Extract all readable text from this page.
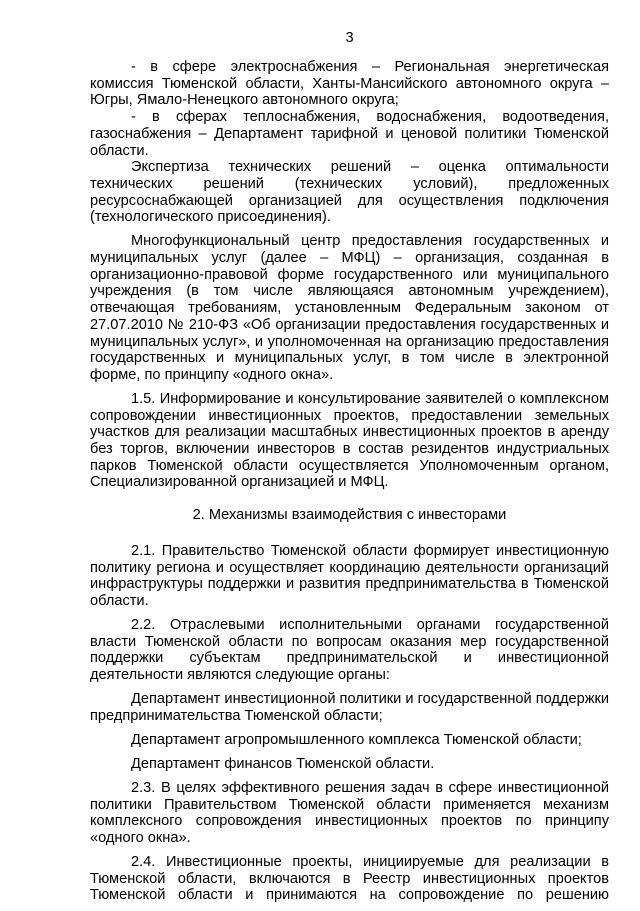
3

- в сфере электроснабжения – Региональная энергетическая комиссия Тюменской области, Ханты-Мансийского автономного округа – Югры, Ямало-Ненецкого автономного округа;

- в сферах теплоснабжения, водоснабжения, водоотведения, газоснабжения – Департамент тарифной и ценовой политики Тюменской области.

Экспертиза технических решений – оценка оптимальности технических решений (технических условий), предложенных ресурсоснабжающей организацией для осуществления подключения (технологического присоединения).

Многофункциональный центр предоставления государственных и муниципальных услуг (далее – МФЦ) – организация, созданная в организационно-правовой форме государственного или муниципального учреждения (в том числе являющаяся автономным учреждением), отвечающая требованиям, установленным Федеральным законом от 27.07.2010 № 210-ФЗ «Об организации предоставления государственных и муниципальных услуг», и уполномоченная на организацию предоставления государственных и муниципальных услуг, в том числе в электронной форме, по принципу «одного окна».

1.5. Информирование и консультирование заявителей о комплексном сопровождении инвестиционных проектов, предоставлении земельных участков для реализации масштабных инвестиционных проектов в аренду без торгов, включении инвесторов в состав резидентов индустриальных парков Тюменской области осуществляется Уполномоченным органом, Специализированной организацией и МФЦ.

2. Механизмы взаимодействия с инвесторами

2.1. Правительство Тюменской области формирует инвестиционную политику региона и осуществляет координацию деятельности организаций инфраструктуры поддержки и развития предпринимательства в Тюменской области.

2.2. Отраслевыми исполнительными органами государственной власти Тюменской области по вопросам оказания мер государственной поддержки субъектам предпринимательской и инвестиционной деятельности являются следующие органы:

Департамент инвестиционной политики и государственной поддержки предпринимательства Тюменской области;

Департамент агропромышленного комплекса Тюменской области;

Департамент финансов Тюменской области.

2.3. В целях эффективного решения задач в сфере инвестиционной политики Правительством Тюменской области применяется механизм комплексного сопровождения инвестиционных проектов по принципу «одного окна».

2.4. Инвестиционные проекты, инициируемые для реализации в Тюменской области, включаются в Реестр инвестиционных проектов Тюменской области и принимаются на сопровождение по решению
